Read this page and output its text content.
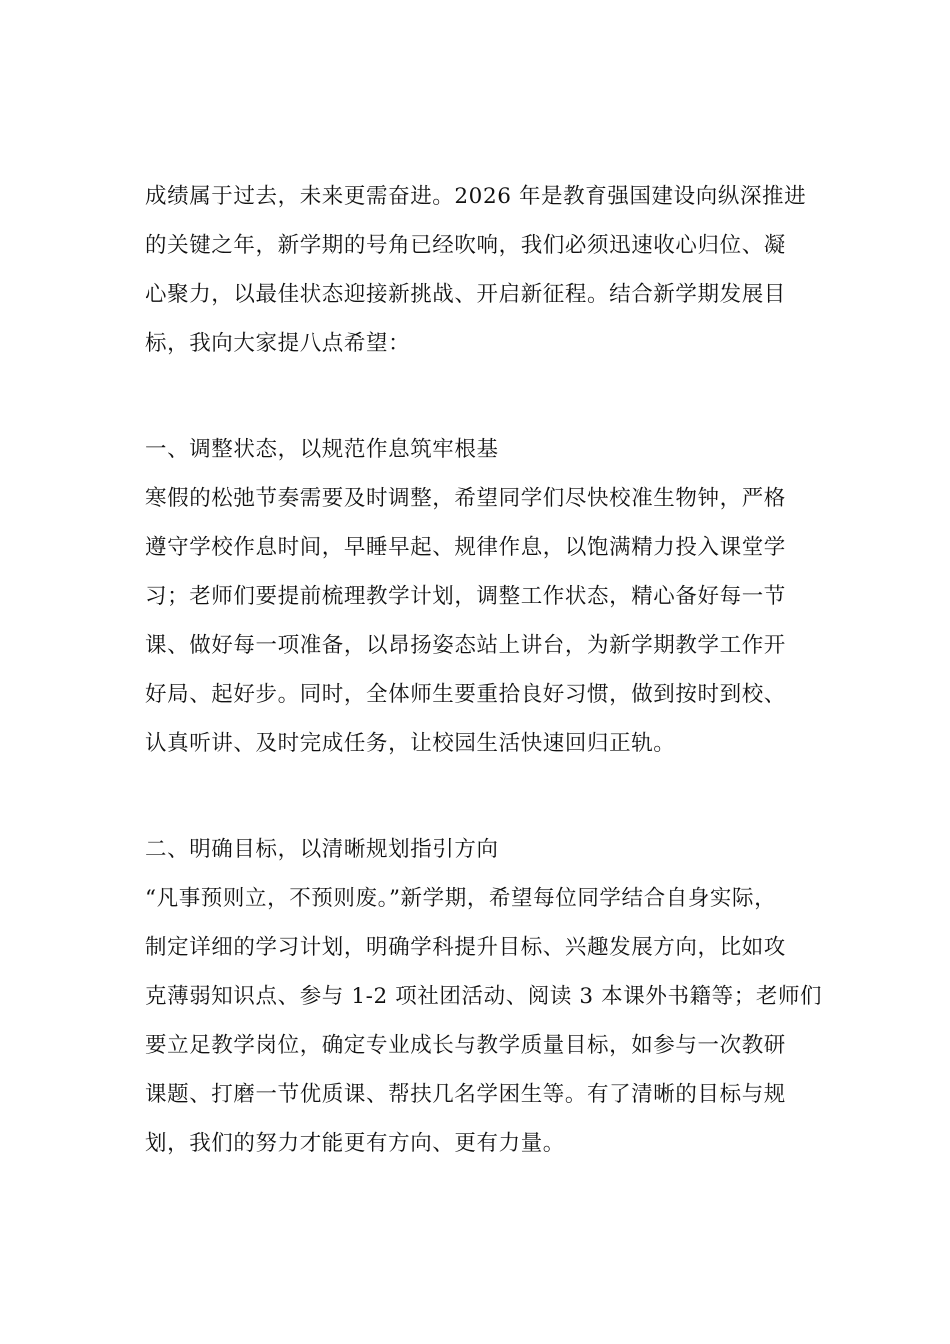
成绩属于过去，未来更需奋进。2026 年是教育强国建设向纵深推进
的关键之年，新学期的号角已经吹响，我们必须迅速收心归位、凝
心聚力，以最佳状态迎接新挑战、开启新征程。结合新学期发展目
标，我向大家提八点希望：
一、调整状态，以规范作息筑牢根基
寒假的松弛节奏需要及时调整，希望同学们尽快校准生物钟，严格
遵守学校作息时间，早睡早起、规律作息，以饱满精力投入课堂学
习；老师们要提前梳理教学计划，调整工作状态，精心备好每一节
课、做好每一项准备，以昂扬姿态站上讲台，为新学期教学工作开
好局、起好步。同时，全体师生要重拾良好习惯，做到按时到校、
认真听讲、及时完成任务，让校园生活快速回归正轨。
二、明确目标，以清晰规划指引方向
“凡事预则立，不预则废。”新学期，希望每位同学结合自身实际，
制定详细的学习计划，明确学科提升目标、兴趣发展方向，比如攻
克薄弱知识点、参与 1-2 项社团活动、阅读 3 本课外书籍等；老师们
要立足教学岗位，确定专业成长与教学质量目标，如参与一次教研
课题、打磨一节优质课、帮扶几名学困生等。有了清晰的目标与规
划，我们的努力才能更有方向、更有力量。
